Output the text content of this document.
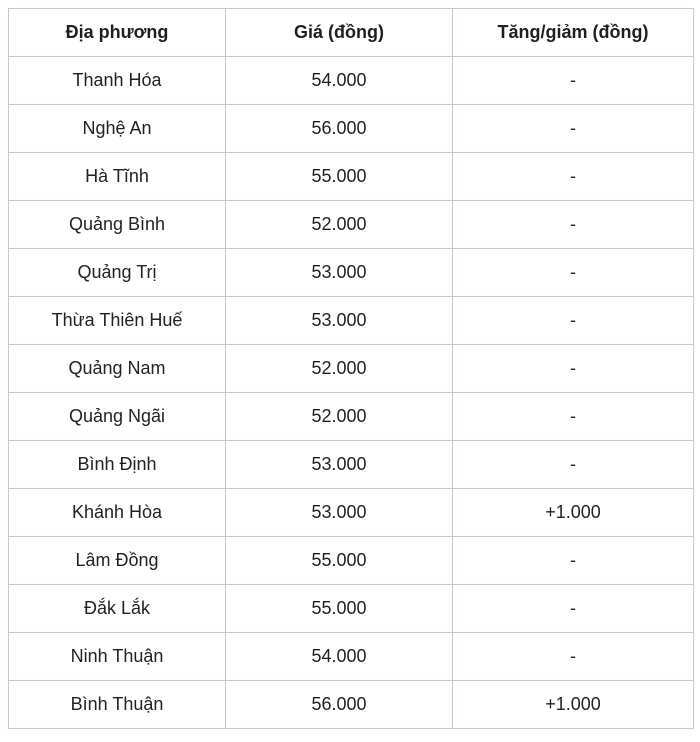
Địa phương	Giá (đồng)	Tăng/giảm (đồng)
Thanh Hóa	54.000	-
Nghệ An	56.000	-
Hà Tĩnh	55.000	-
Quảng Bình	52.000	-
Quảng Trị	53.000	-
Thừa Thiên Huế	53.000	-
Quảng Nam	52.000	-
Quảng Ngãi	52.000	-
Bình Định	53.000	-
Khánh Hòa	53.000	+1.000
Lâm Đồng	55.000	-
Đắk Lắk	55.000	-
Ninh Thuận	54.000	-
Bình Thuận	56.000	+1.000
